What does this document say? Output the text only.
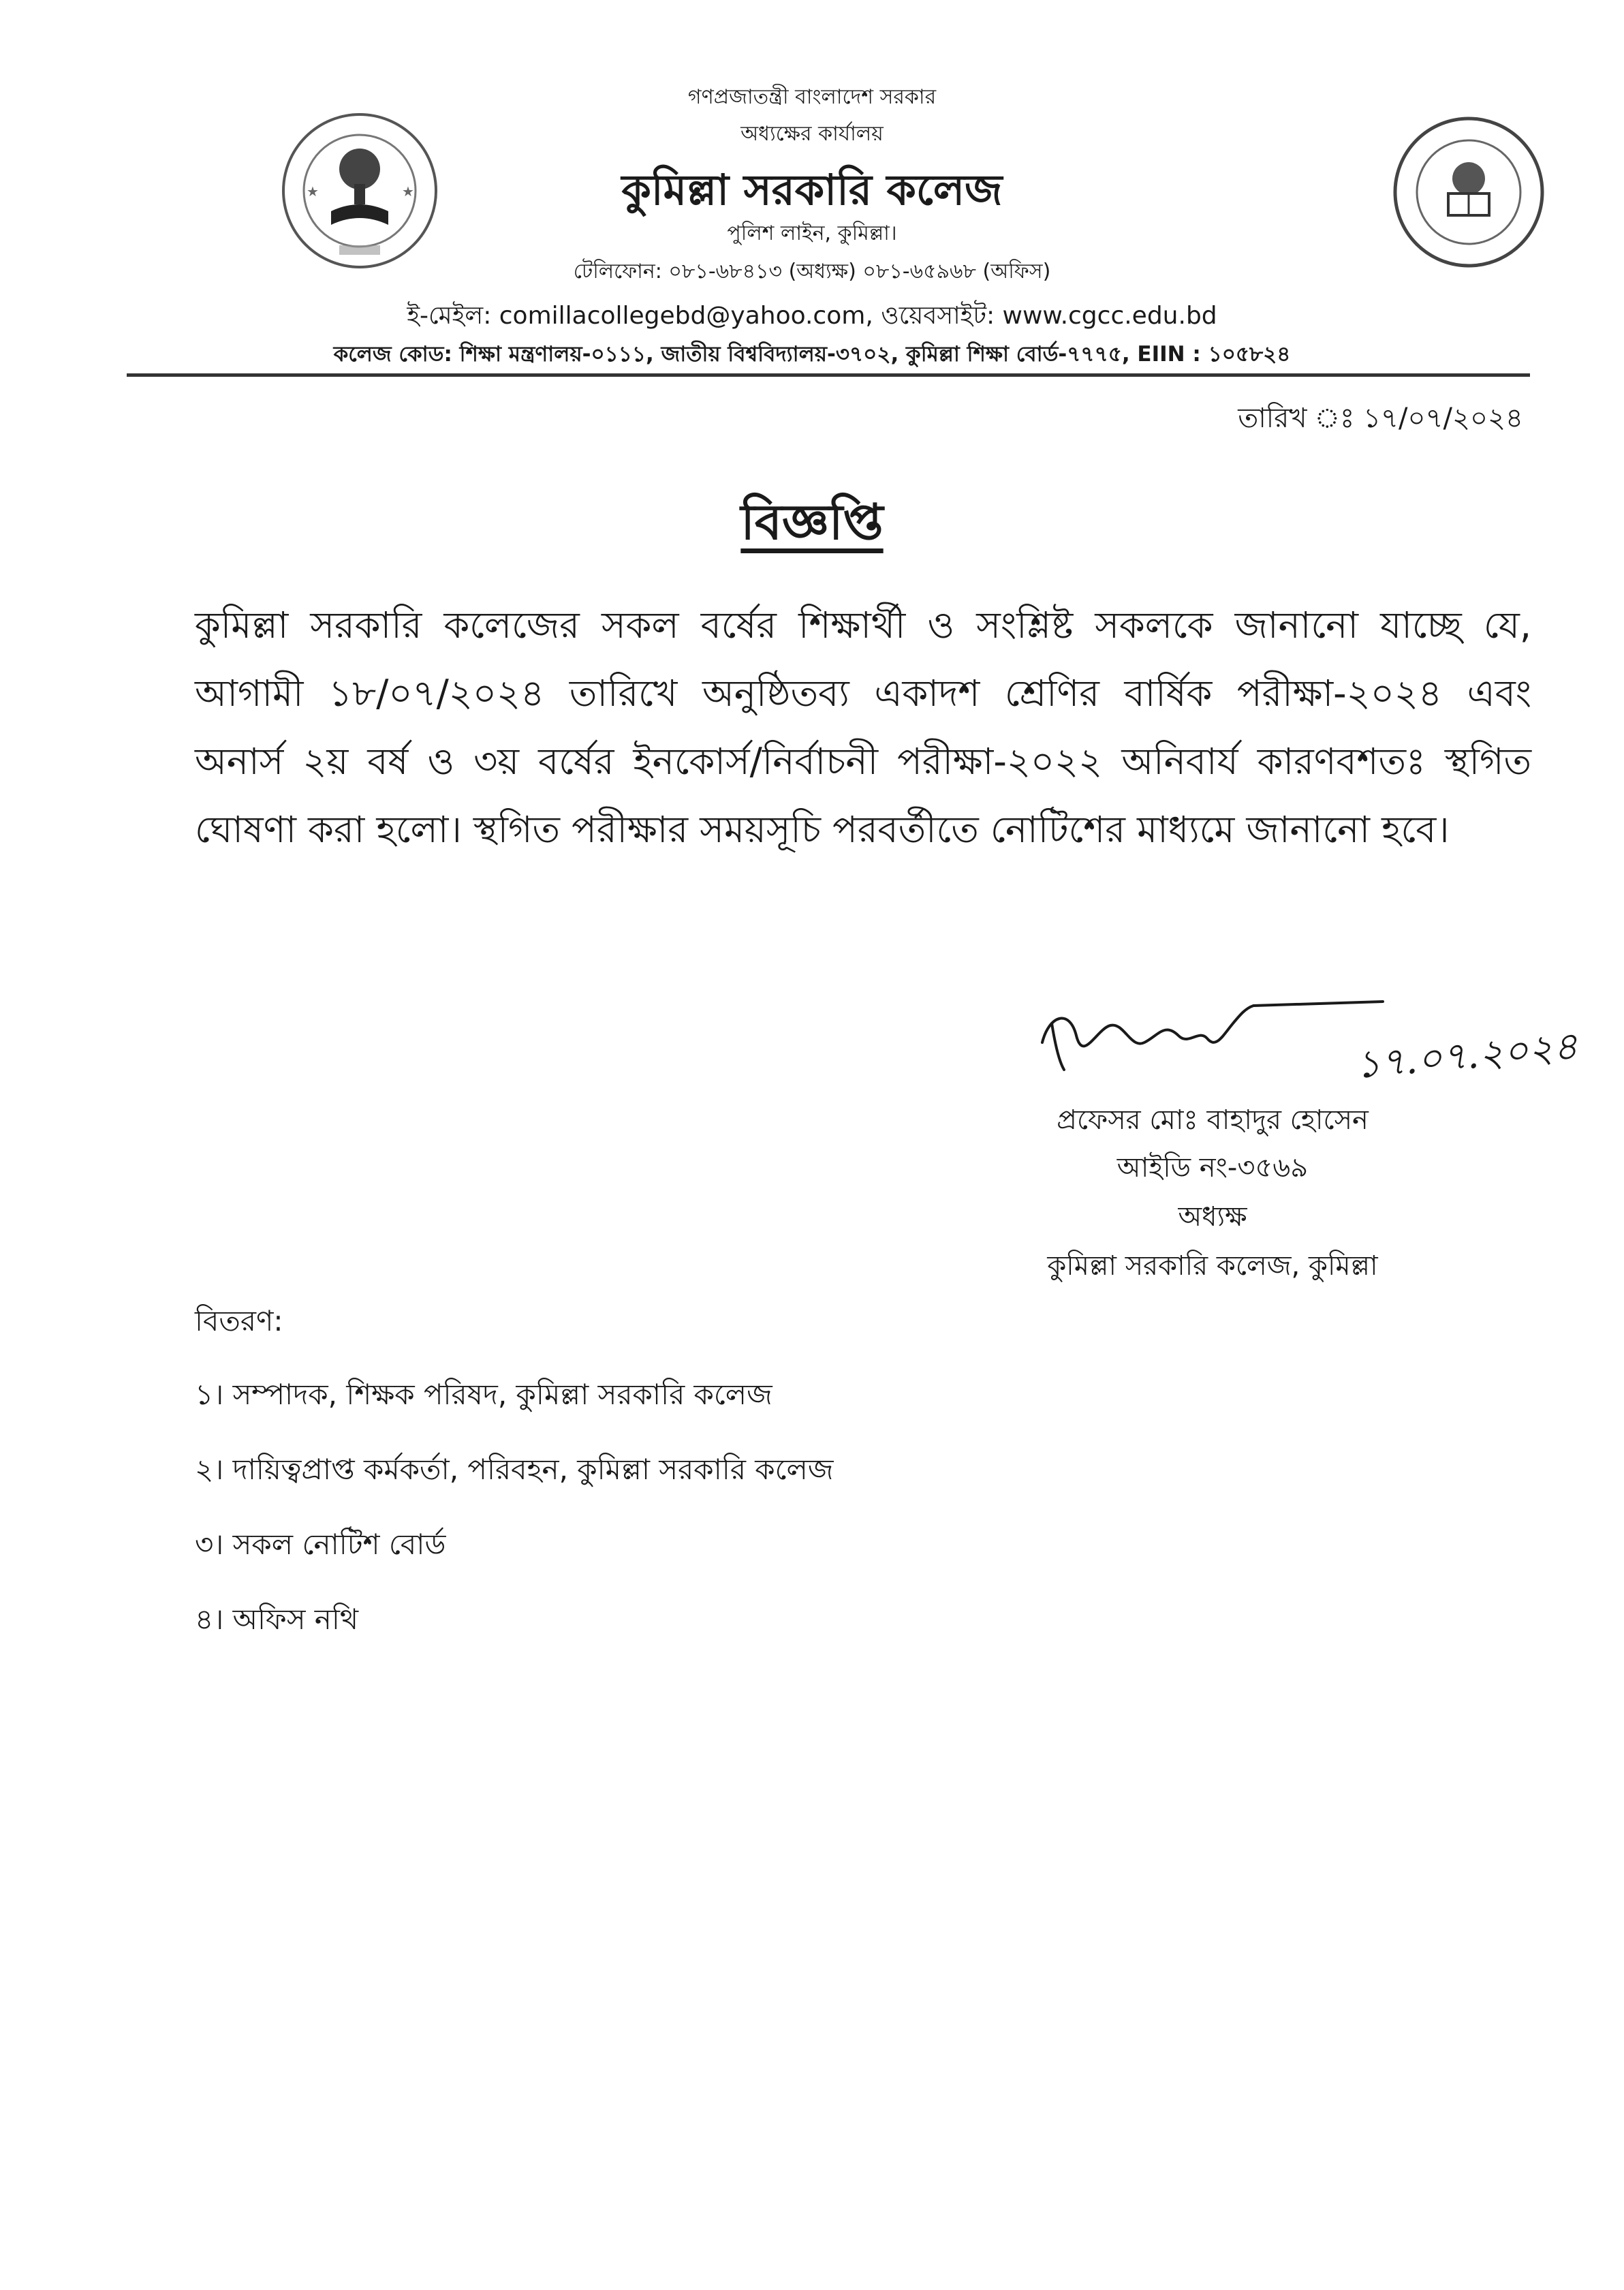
★	★
গণপ্রজাতন্ত্রী বাংলাদেশ সরকার
অধ্যক্ষের কার্যালয়
কুমিল্লা সরকারি কলেজ
পুলিশ লাইন, কুমিল্লা।
টেলিফোন: ০৮১-৬৮৪১৩ (অধ্যক্ষ) ০৮১-৬৫৯৬৮ (অফিস)
ই-মেইল: comillacollegebd@yahoo.com, ওয়েবসাইট: www.cgcc.edu.bd
কলেজ কোড: শিক্ষা মন্ত্রণালয়-০১১১, জাতীয় বিশ্ববিদ্যালয়-৩৭০২, কুমিল্লা শিক্ষা বোর্ড-৭৭৭৫, EIIN : ১০৫৮২৪
তারিখ ঃ ১৭/০৭/২০২৪
বিজ্ঞপ্তি
কুমিল্লা সরকারি কলেজের সকল বর্ষের শিক্ষার্থী ও সংশ্লিষ্ট সকলকে জানানো যাচ্ছে যে,
আগামী ১৮/০৭/২০২৪ তারিখে অনুষ্ঠিতব্য একাদশ শ্রেণির বার্ষিক পরীক্ষা-২০২৪ এবং
অনার্স ২য় বর্ষ ও ৩য় বর্ষের ইনকোর্স/নির্বাচনী পরীক্ষা-২০২২ অনিবার্য কারণবশতঃ স্থগিত
ঘোষণা করা হলো। স্থগিত পরীক্ষার সময়সূচি পরবর্তীতে নোটিশের মাধ্যমে জানানো হবে।
১৭.০৭.২০২৪
প্রফেসর মোঃ বাহাদুর হোসেন
আইডি নং-৩৫৬৯
অধ্যক্ষ
কুমিল্লা সরকারি কলেজ, কুমিল্লা
বিতরণ:
১। সম্পাদক, শিক্ষক পরিষদ, কুমিল্লা সরকারি কলেজ
২। দায়িত্বপ্রাপ্ত কর্মকর্তা, পরিবহন, কুমিল্লা সরকারি কলেজ
৩। সকল নোটিশ বোর্ড
৪। অফিস নথি
